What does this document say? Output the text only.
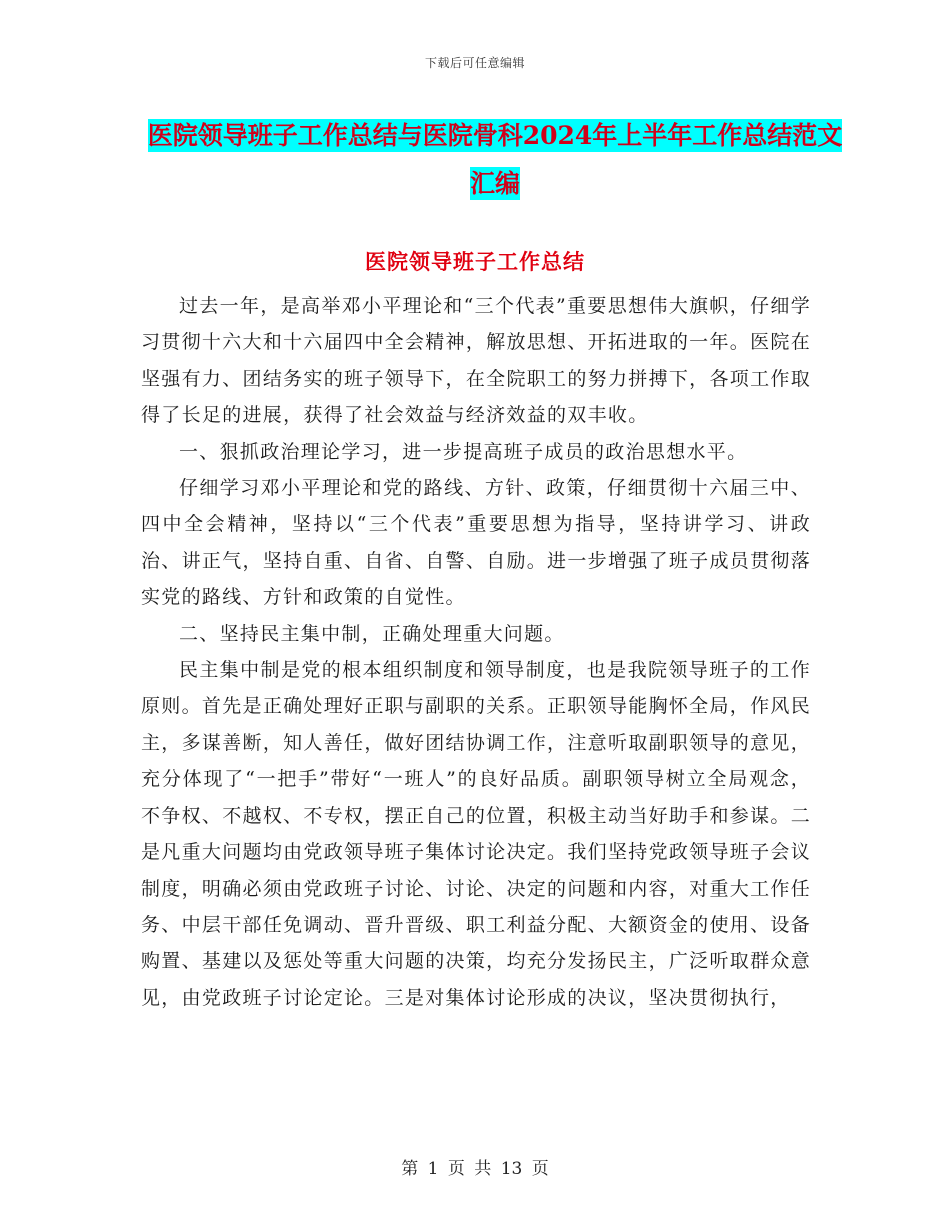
下载后可任意编辑
医院领导班子工作总结与医院骨科2024年上半年工作总结范文汇编
医院领导班子工作总结

过去一年，是高举邓小平理论和“三个代表”重要思想伟大旗帜，仔细学习贯彻十六大和十六届四中全会精神，解放思想、开拓进取的一年。医院在坚强有力、团结务实的班子领导下，在全院职工的努力拼搏下，各项工作取得了长足的进展，获得了社会效益与经济效益的双丰收。

一、狠抓政治理论学习，进一步提高班子成员的政治思想水平。

仔细学习邓小平理论和党的路线、方针、政策，仔细贯彻十六届三中、四中全会精神，坚持以“三个代表”重要思想为指导，坚持讲学习、讲政治、讲正气，坚持自重、自省、自警、自励。进一步增强了班子成员贯彻落实党的路线、方针和政策的自觉性。

二、坚持民主集中制，正确处理重大问题。

民主集中制是党的根本组织制度和领导制度，也是我院领导班子的工作原则。首先是正确处理好正职与副职的关系。正职领导能胸怀全局，作风民主，多谋善断，知人善任，做好团结协调工作，注意听取副职领导的意见，充分体现了“一把手”带好“一班人”的良好品质。副职领导树立全局观念，不争权、不越权、不专权，摆正自己的位置，积极主动当好助手和参谋。二是凡重大问题均由党政领导班子集体讨论决定。我们坚持党政领导班子会议制度，明确必须由党政班子讨论、讨论、决定的问题和内容，对重大工作任务、中层干部任免调动、晋升晋级、职工利益分配、大额资金的使用、设备购置、基建以及惩处等重大问题的决策，均充分发扬民主，广泛听取群众意见，由党政班子讨论定论。三是对集体讨论形成的决议，坚决贯彻执行，

第 1 页 共 13 页
